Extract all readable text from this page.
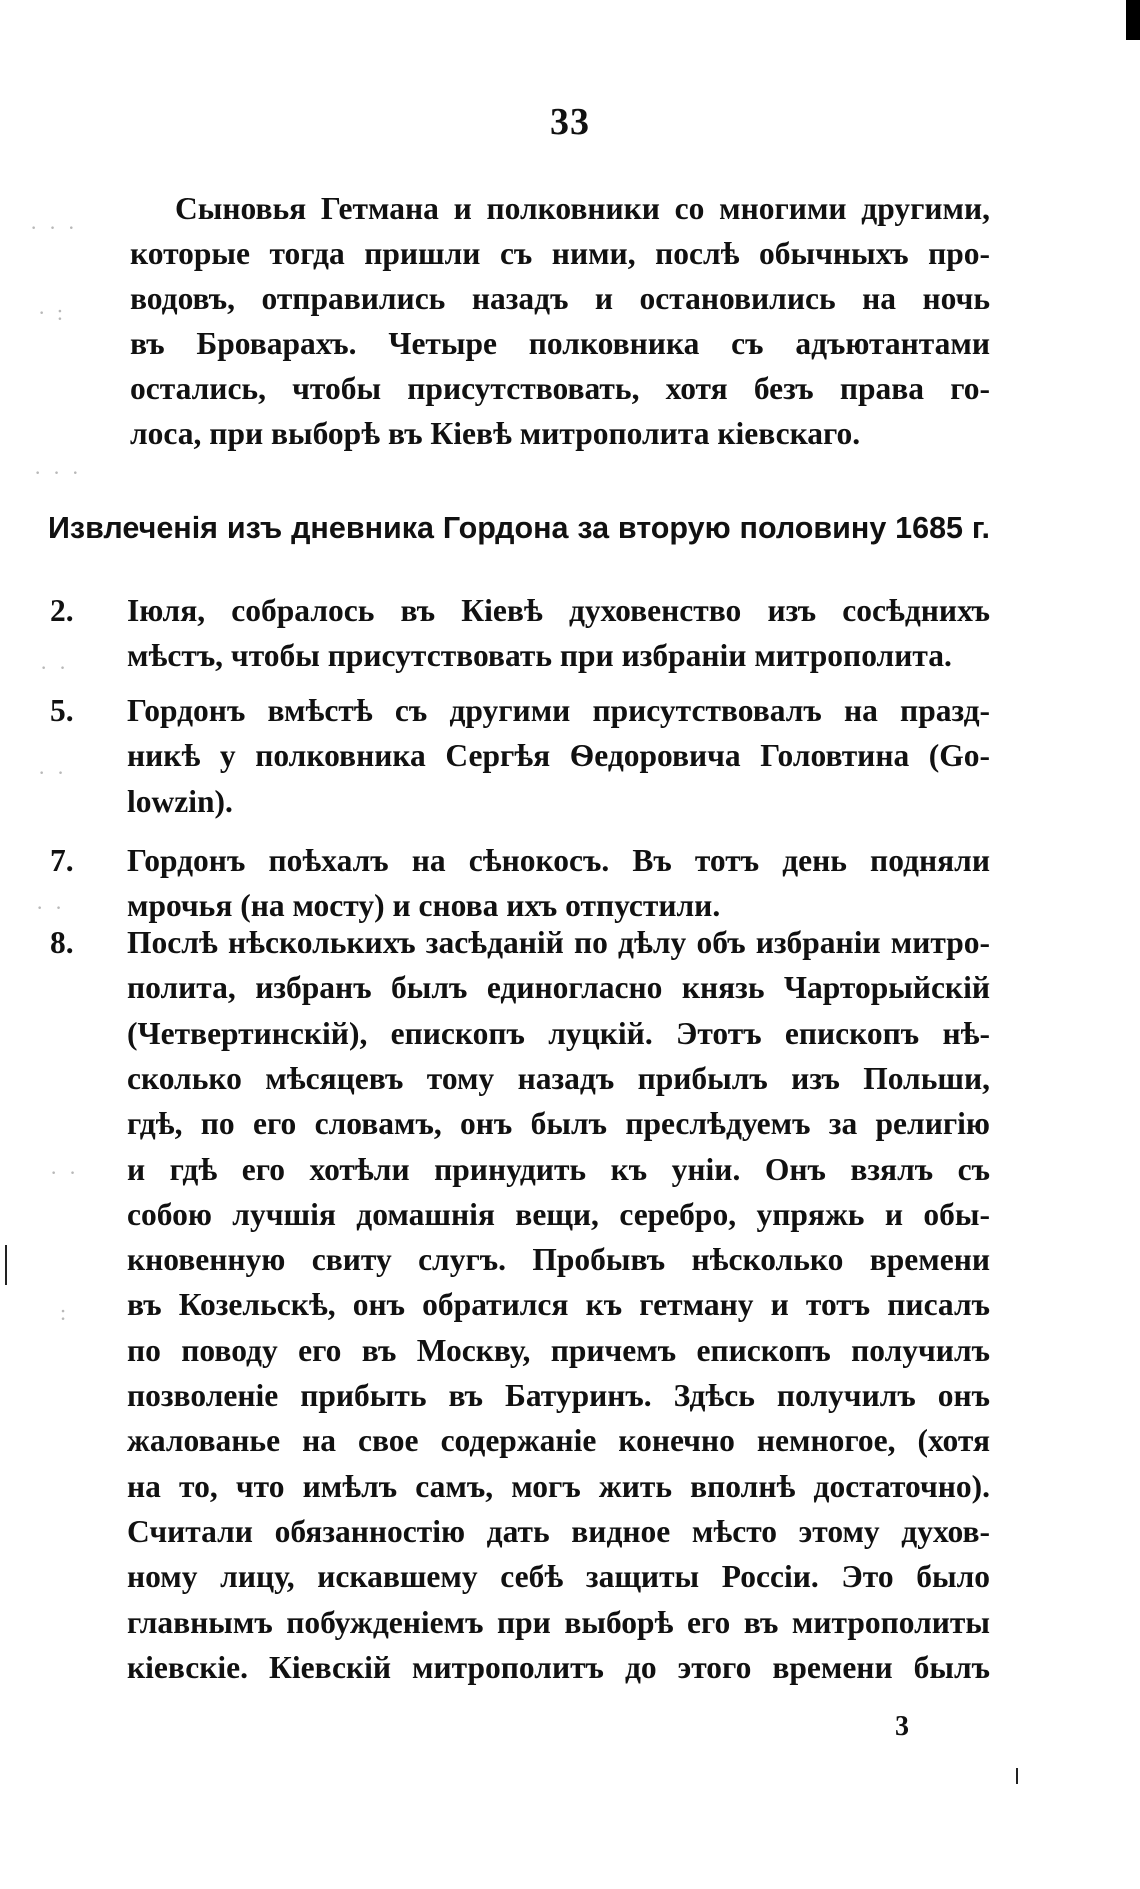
33
· · ·
· :
· · ·
· ·
· ·
· ·
· ·
:
Сыновья Гетмана и полковники со многими другими,
которые тогда пришли съ ними, послѣ обычныхъ про-
водовъ, отправились назадъ и остановились на ночь
въ Броварахъ. Четыре полковника съ адъютантами
остались, чтобы присутствовать, хотя безъ права го-
лоса, при выборѣ въ Кіевѣ митрополита кіевскаго.
Извлеченія изъ дневника Гордона за вторую половину 1685 г.
2. Іюля, собралось въ Кіевѣ духовенство изъ сосѣднихъ
мѣстъ, чтобы присутствовать при избраніи митрополита.
5. Гордонъ вмѣстѣ съ другими присутствовалъ на празд-
никѣ у полковника Сергѣя Ѳедоровича Головтина (Go-
lowzin).
7. Гордонъ поѣхалъ на сѣнокосъ. Въ тотъ день подняли
мрочья (на мосту) и снова ихъ отпустили.
8. Послѣ нѣсколькихъ засѣданій по дѣлу объ избраніи митро-
полита, избранъ былъ единогласно князь Чарторыйскій
(Четвертинскій), епископъ луцкій. Этотъ епископъ нѣ-
сколько мѣсяцевъ тому назадъ прибылъ изъ Польши,
гдѣ, по его словамъ, онъ былъ преслѣдуемъ за религію
и гдѣ его хотѣли принудить къ уніи. Онъ взялъ съ
собою лучшія домашнія вещи, серебро, упряжь и обы-
кновенную свиту слугъ. Пробывъ нѣсколько времени
въ Козельскѣ, онъ обратился къ гетману и тотъ писалъ
по поводу его въ Москву, причемъ епископъ получилъ
позволеніе прибыть въ Батуринъ. Здѣсь получилъ онъ
жалованье на свое содержаніе конечно немногое, (хотя
на то, что имѣлъ самъ, могъ жить вполнѣ достаточно).
Считали обязанностію дать видное мѣсто этому духов-
ному лицу, искавшему себѣ защиты Россіи. Это было
главнымъ побужденіемъ при выборѣ его въ митрополиты
кіевскіе. Кіевскій митрополитъ до этого времени былъ
3
